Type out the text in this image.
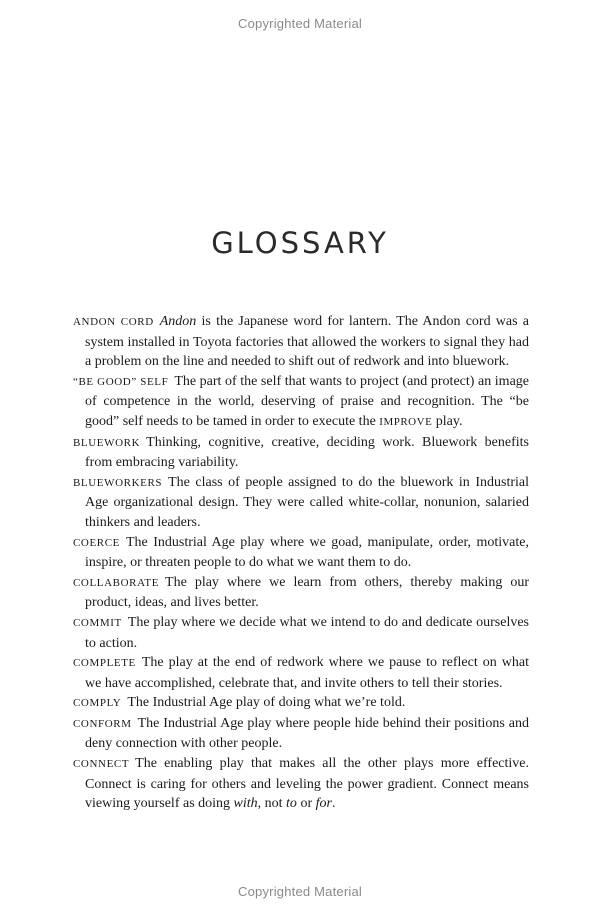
Copyrighted Material
GLOSSARY

ANDON CORD Andon is the Japanese word for lantern. The Andon cord was a system installed in Toyota factories that allowed the workers to signal they had a problem on the line and needed to shift out of redwork and into bluework.

“BE GOOD” SELF The part of the self that wants to project (and protect) an image of competence in the world, deserving of praise and recognition. The “be good” self needs to be tamed in order to execute the IMPROVE play.

BLUEWORK Thinking, cognitive, creative, deciding work. Bluework benefits from embracing variability.

BLUEWORKERS The class of people assigned to do the bluework in Industrial Age organizational design. They were called white-collar, nonunion, salaried thinkers and leaders.

COERCE The Industrial Age play where we goad, manipulate, order, motivate, inspire, or threaten people to do what we want them to do.

COLLABORATE The play where we learn from others, thereby making our product, ideas, and lives better.

COMMIT The play where we decide what we intend to do and dedicate ourselves to action.

COMPLETE The play at the end of redwork where we pause to reflect on what we have accomplished, celebrate that, and invite others to tell their stories.

COMPLY The Industrial Age play of doing what we’re told.

CONFORM The Industrial Age play where people hide behind their positions and deny connection with other people.

CONNECT The enabling play that makes all the other plays more effective. Connect is caring for others and leveling the power gradient. Connect means viewing yourself as doing with, not to or for.

Copyrighted Material
